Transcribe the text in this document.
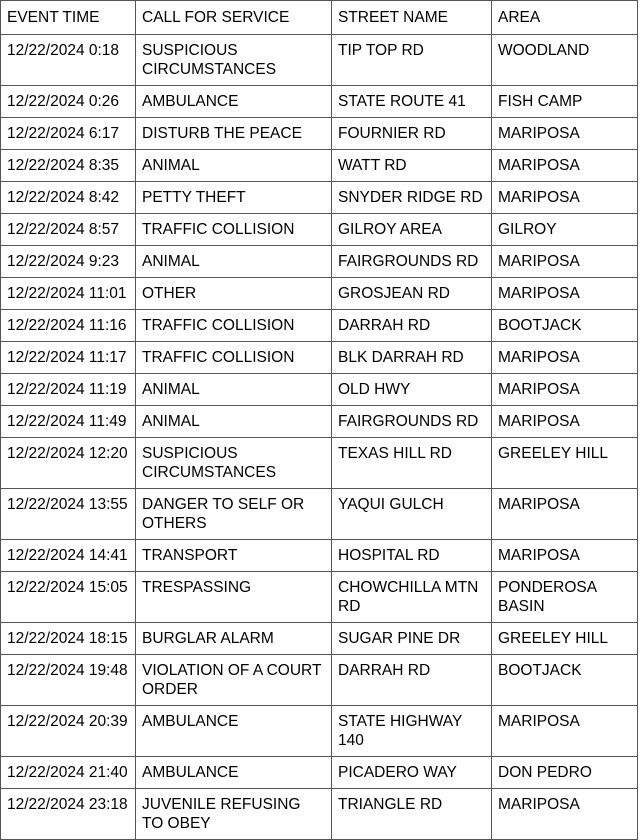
EVENT TIME	CALL FOR SERVICE	STREET NAME	AREA
12/22/2024 0:18	SUSPICIOUS CIRCUMSTANCES	TIP TOP RD	WOODLAND
12/22/2024 0:26	AMBULANCE	STATE ROUTE 41	FISH CAMP
12/22/2024 6:17	DISTURB THE PEACE	FOURNIER RD	MARIPOSA
12/22/2024 8:35	ANIMAL	WATT RD	MARIPOSA
12/22/2024 8:42	PETTY THEFT	SNYDER RIDGE RD	MARIPOSA
12/22/2024 8:57	TRAFFIC COLLISION	GILROY AREA	GILROY
12/22/2024 9:23	ANIMAL	FAIRGROUNDS RD	MARIPOSA
12/22/2024 11:01	OTHER	GROSJEAN RD	MARIPOSA
12/22/2024 11:16	TRAFFIC COLLISION	DARRAH RD	BOOTJACK
12/22/2024 11:17	TRAFFIC COLLISION	BLK DARRAH RD	MARIPOSA
12/22/2024 11:19	ANIMAL	OLD HWY	MARIPOSA
12/22/2024 11:49	ANIMAL	FAIRGROUNDS RD	MARIPOSA
12/22/2024 12:20	SUSPICIOUS CIRCUMSTANCES	TEXAS HILL RD	GREELEY HILL
12/22/2024 13:55	DANGER TO SELF OR OTHERS	YAQUI GULCH	MARIPOSA
12/22/2024 14:41	TRANSPORT	HOSPITAL RD	MARIPOSA
12/22/2024 15:05	TRESPASSING	CHOWCHILLA MTN RD	PONDEROSA BASIN
12/22/2024 18:15	BURGLAR ALARM	SUGAR PINE DR	GREELEY HILL
12/22/2024 19:48	VIOLATION OF A COURT ORDER	DARRAH RD	BOOTJACK
12/22/2024 20:39	AMBULANCE	STATE HIGHWAY 140	MARIPOSA
12/22/2024 21:40	AMBULANCE	PICADERO WAY	DON PEDRO
12/22/2024 23:18	JUVENILE REFUSING TO OBEY	TRIANGLE RD	MARIPOSA
